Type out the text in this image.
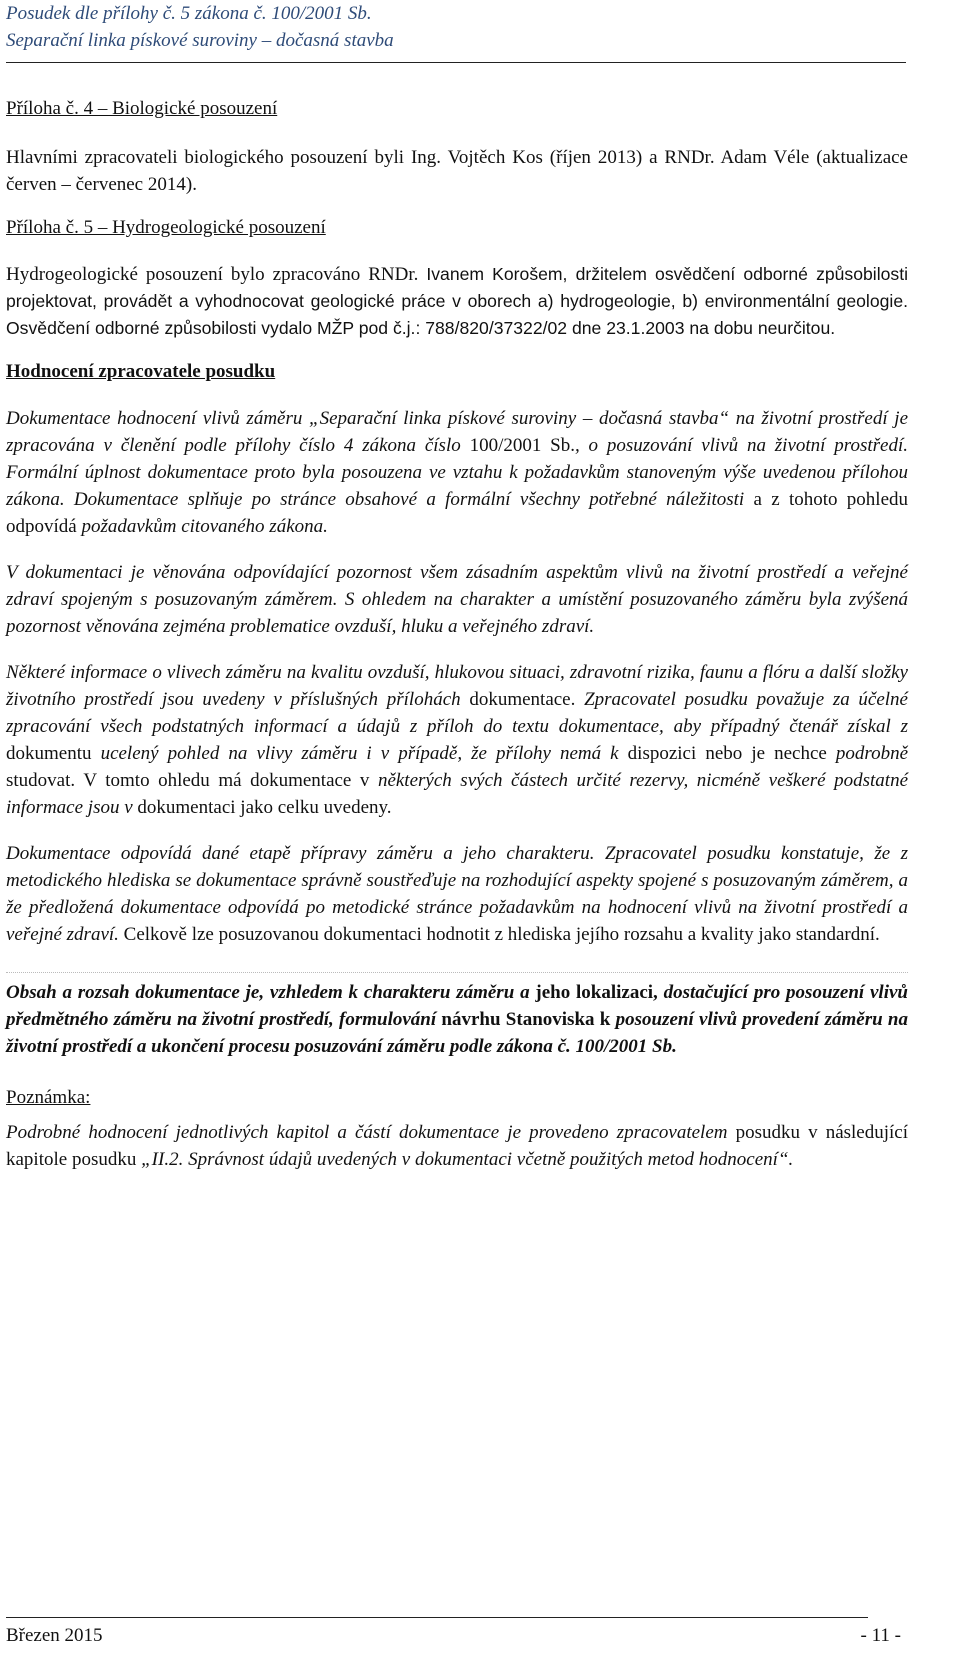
Posudek dle přílohy č. 5 zákona č. 100/2001 Sb.
Separační linka pískové suroviny – dočasná stavba

Příloha č. 4 – Biologické posouzení

Hlavními zpracovateli biologického posouzení byli Ing. Vojtěch Kos (říjen 2013) a RNDr. Adam Véle (aktualizace červen – červenec 2014).

Příloha č. 5 – Hydrogeologické posouzení

Hydrogeologické posouzení bylo zpracováno RNDr. Ivanem Korošem, držitelem osvědčení odborné způsobilosti projektovat, provádět a vyhodnocovat geologické práce v oborech a) hydrogeologie, b) environmentální geologie. Osvědčení odborné způsobilosti vydalo MŽP pod č.j.: 788/820/37322/02 dne 23.1.2003 na dobu neurčitou.

Hodnocení zpracovatele posudku

Dokumentace hodnocení vlivů záměru „Separační linka pískové suroviny – dočasná stavba“ na životní prostředí je zpracována v členění podle přílohy číslo 4 zákona číslo 100/2001 Sb., o posuzování vlivů na životní prostředí. Formální úplnost dokumentace proto byla posouzena ve vztahu k požadavkům stanoveným výše uvedenou přílohou zákona. Dokumentace splňuje po stránce obsahové a formální všechny potřebné náležitosti a z tohoto pohledu odpovídá požadavkům citovaného zákona.

V dokumentaci je věnována odpovídající pozornost všem zásadním aspektům vlivů na životní prostředí a veřejné zdraví spojeným s posuzovaným záměrem. S ohledem na charakter a umístění posuzovaného záměru byla zvýšená pozornost věnována zejména problematice ovzduší, hluku a veřejného zdraví.

Některé informace o vlivech záměru na kvalitu ovzduší, hlukovou situaci, zdravotní rizika, faunu a flóru a další složky životního prostředí jsou uvedeny v příslušných přílohách dokumentace. Zpracovatel posudku považuje za účelné zpracování všech podstatných informací a údajů z příloh do textu dokumentace, aby případný čtenář získal z dokumentu ucelený pohled na vlivy záměru i v případě, že přílohy nemá k dispozici nebo je nechce podrobně studovat. V tomto ohledu má dokumentace v některých svých částech určité rezervy, nicméně veškeré podstatné informace jsou v dokumentaci jako celku uvedeny.

Dokumentace odpovídá dané etapě přípravy záměru a jeho charakteru. Zpracovatel posudku konstatuje, že z metodického hlediska se dokumentace správně soustřeďuje na rozhodující aspekty spojené s posuzovaným záměrem, a že předložená dokumentace odpovídá po metodické stránce požadavkům na hodnocení vlivů na životní prostředí a veřejné zdraví. Celkově lze posuzovanou dokumentaci hodnotit z hlediska jejího rozsahu a kvality jako standardní.

Obsah a rozsah dokumentace je, vzhledem k charakteru záměru a jeho lokalizaci, dostačující pro posouzení vlivů předmětného záměru na životní prostředí, formulování návrhu Stanoviska k posouzení vlivů provedení záměru na životní prostředí a ukončení procesu posuzování záměru podle zákona č. 100/2001 Sb.

Poznámka:

Podrobné hodnocení jednotlivých kapitol a částí dokumentace je provedeno zpracovatelem posudku v následující kapitole posudku „II.2. Správnost údajů uvedených v dokumentaci včetně použitých metod hodnocení“.

Březen 2015	- 11 -
